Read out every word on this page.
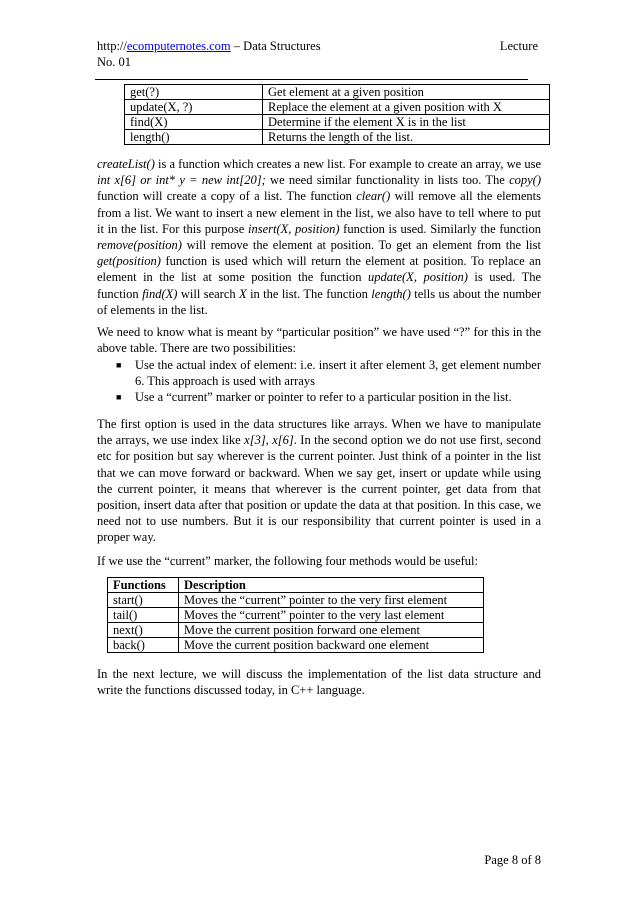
http://ecomputernotes.com – Data Structures	Lecture
No. 01
get(?)	Get element at a given position
update(X, ?)	Replace the element at a given position with X
find(X)	Determine if the element X is in the list
length()	Returns the length of the list.

createList() is a function which creates a new list. For example to create an array, we use int x[6] or int* y = new int[20]; we need similar functionality in lists too. The copy() function will create a copy of a list. The function clear() will remove all the elements from a list. We want to insert a new element in the list, we also have to tell where to put it in the list. For this purpose insert(X, position) function is used. Similarly the function remove(position) will remove the element at position. To get an element from the list get(position) function is used which will return the element at position. To replace an element in the list at some position the function update(X, position) is used. The function find(X) will search X in the list. The function length() tells us about the number of elements in the list.

We need to know what is meant by “particular position” we have used “?” for this in the above table. There are two possibilities:

■ Use the actual index of element: i.e. insert it after element 3, get element number 6. This approach is used with arrays
■ Use a “current” marker or pointer to refer to a particular position in the list.

The first option is used in the data structures like arrays. When we have to manipulate the arrays, we use index like x[3], x[6]. In the second option we do not use first, second etc for position but say wherever is the current pointer. Just think of a pointer in the list that we can move forward or backward. When we say get, insert or update while using the current pointer, it means that wherever is the current pointer, get data from that position, insert data after that position or update the data at that position. In this case, we need not to use numbers. But it is our responsibility that current pointer is used in a proper way.

If we use the “current” marker, the following four methods would be useful:

Functions	Description
start()	Moves the “current” pointer to the very first element
tail()	Moves the “current” pointer to the very last element
next()	Move the current position forward one element
back()	Move the current position backward one element

In the next lecture, we will discuss the implementation of the list data structure and write the functions discussed today, in C++ language.

Page 8 of 8
